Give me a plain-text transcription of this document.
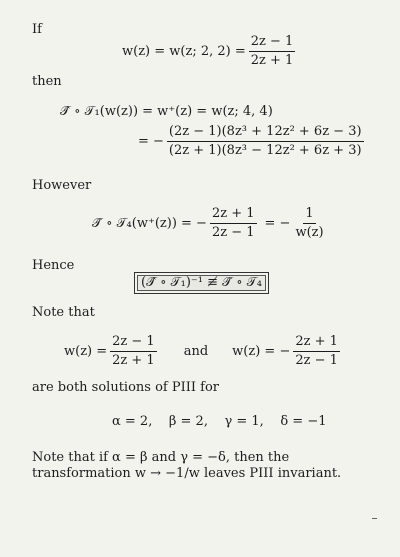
If
w(z) = w(z; 2, $2) = \frac{2z - 1}{2z + 1}$
then
𝒯̂ ∘ 𝒯₁(w(z)) = w⁺(z) = w(z; 4, 4)
= − $\frac{\text{(2z − 1)(8z³ + 12z² + 6z − 3)}}{\text{(2z + 1)(8z³ − 12z² + 6z + 3)}}$
However
𝒯̃ ∘ 𝒯₄(w⁺(z)) = − $\frac{2z + 1}{2z - 1}$ = − $\frac{1}{w(z)}$
Hence
(𝒯̂ ∘ 𝒯₁)⁻¹ ≢ 𝒯̃ ∘ 𝒯₄
Note that
$w(z) = \frac{2z - 1}{2z + 1}$ and w(z) = − $\frac{2z + 1}{2z - 1}$
are both solutions of PIII for
α = 2,    β = 2,    γ = 1,    δ = −1
Note that if α = β and γ = −δ, then the transformation w → −1/w leaves PIII invariant.
